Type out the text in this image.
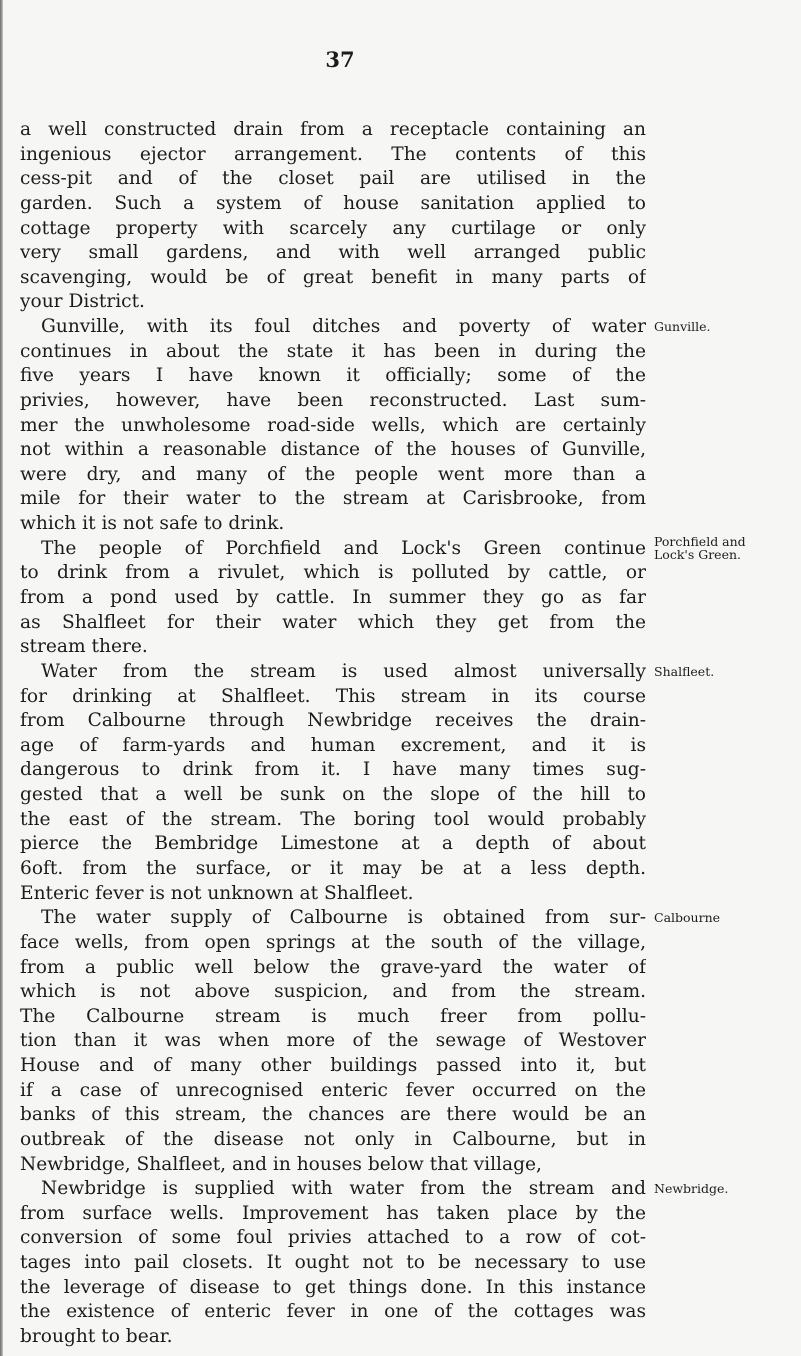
37
a well constructed drain from a receptacle containing an
ingenious ejector arrangement. The contents of this
cess-pit and of the closet pail are utilised in the
garden. Such a system of house sanitation applied to
cottage property with scarcely any curtilage or only
very small gardens, and with well arranged public
scavenging, would be of great benefit in many parts of
your District.
Gunville, with its foul ditches and poverty of water
continues in about the state it has been in during the
five years I have known it officially; some of the
privies, however, have been reconstructed. Last sum-
mer the unwholesome road-side wells, which are certainly
not within a reasonable distance of the houses of Gunville,
were dry, and many of the people went more than a
mile for their water to the stream at Carisbrooke, from
which it is not safe to drink.
The people of Porchfield and Lock's Green continue
to drink from a rivulet, which is polluted by cattle, or
from a pond used by cattle. In summer they go as far
as Shalfleet for their water which they get from the
stream there.
Water from the stream is used almost universally
for drinking at Shalfleet. This stream in its course
from Calbourne through Newbridge receives the drain-
age of farm-yards and human excrement, and it is
dangerous to drink from it. I have many times sug-
gested that a well be sunk on the slope of the hill to
the east of the stream. The boring tool would probably
pierce the Bembridge Limestone at a depth of about
6oft. from the surface, or it may be at a less depth.
Enteric fever is not unknown at Shalfleet.
The water supply of Calbourne is obtained from sur-
face wells, from open springs at the south of the village,
from a public well below the grave-yard the water of
which is not above suspicion, and from the stream.
The Calbourne stream is much freer from pollu-
tion than it was when more of the sewage of Westover
House and of many other buildings passed into it, but
if a case of unrecognised enteric fever occurred on the
banks of this stream, the chances are there would be an
outbreak of the disease not only in Calbourne, but in
Newbridge, Shalfleet, and in houses below that village,
Newbridge is supplied with water from the stream and
from surface wells. Improvement has taken place by the
conversion of some foul privies attached to a row of cot-
tages into pail closets. It ought not to be necessary to use
the leverage of disease to get things done. In this instance
the existence of enteric fever in one of the cottages was
brought to bear.
Gunville.
Porchfield and
Lock's Green.
Shalfleet.
Calbourne
Newbridge.
